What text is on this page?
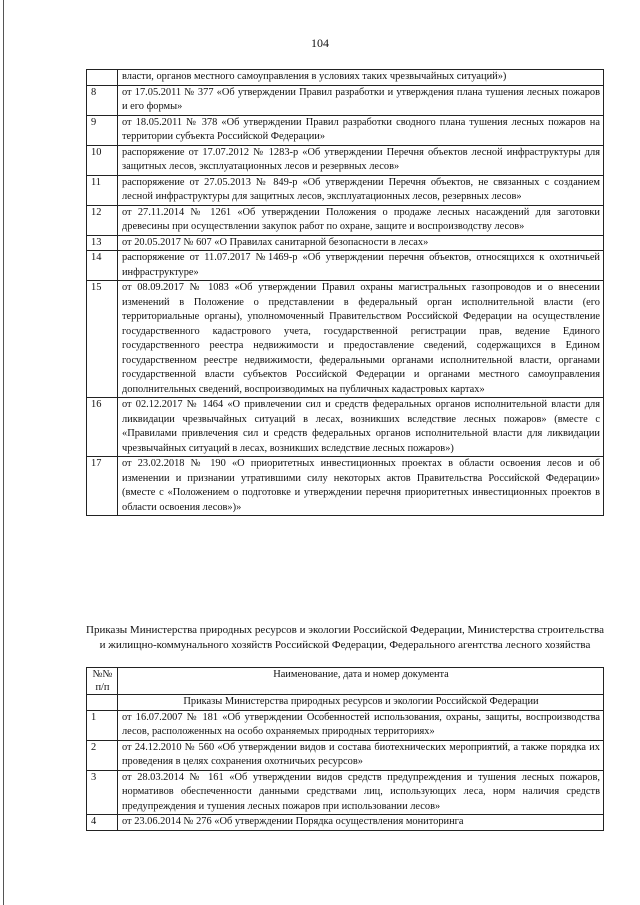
104
	власти, органов местного самоуправления в условиях таких чрезвычайных ситуаций»)
8	от 17.05.2011 № 377 «Об утверждении Правил разработки и утверждения плана тушения лесных пожаров и его формы»
9	от 18.05.2011 № 378 «Об утверждении Правил разработки сводного плана тушения лесных пожаров на территории субъекта Российской Федерации»
10	распоряжение от 17.07.2012 № 1283-р «Об утверждении Перечня объектов лесной инфраструктуры для защитных лесов, эксплуатационных лесов и резервных лесов»
11	распоряжение от 27.05.2013 № 849-р «Об утверждении Перечня объектов, не связанных с созданием лесной инфраструктуры для защитных лесов, эксплуатационных лесов, резервных лесов»
12	от 27.11.2014 № 1261 «Об утверждении Положения о продаже лесных насаждений для заготовки древесины при осуществлении закупок работ по охране, защите и воспроизводству лесов»
13	от 20.05.2017 № 607 «О Правилах санитарной безопасности в лесах»
14	распоряжение от 11.07.2017 №1469-р «Об утверждении перечня объектов, относящихся к охотничьей инфраструктуре»
15	от 08.09.2017 № 1083 «Об утверждении Правил охраны магистральных газопроводов и о внесении изменений в Положение о представлении в федеральный орган исполнительной власти (его территориальные органы), уполномоченный Правительством Российской Федерации на осуществление государственного кадастрового учета, государственной регистрации прав, ведение Единого государственного реестра недвижимости и предоставление сведений, содержащихся в Едином государственном реестре недвижимости, федеральными органами исполнительной власти, органами государственной власти субъектов Российской Федерации и органами местного самоуправления дополнительных сведений, воспроизводимых на публичных кадастровых картах»
16	от 02.12.2017 № 1464 «О привлечении сил и средств федеральных органов исполнительной власти для ликвидации чрезвычайных ситуаций в лесах, возникших вследствие лесных пожаров» (вместе с «Правилами привлечения сил и средств федеральных органов исполнительной власти для ликвидации чрезвычайных ситуаций в лесах, возникших вследствие лесных пожаров»)
17	от 23.02.2018 № 190 «О приоритетных инвестиционных проектах в области освоения лесов и об изменении и признании утратившими силу некоторых актов Правительства Российской Федерации» (вместе с «Положением о подготовке и утверждении перечня приоритетных инвестиционных проектов в области освоения лесов»)»
Приказы Министерства природных ресурсов и экологии Российской Федерации, Министерства строительства и жилищно-коммунального хозяйств Российской Федерации, Федерального агентства лесного хозяйства
№№ п/п	Наименование, дата и номер документа
	Приказы Министерства природных ресурсов и экологии Российской Федерации
1	от 16.07.2007 № 181 «Об утверждении Особенностей использования, охраны, защиты, воспроизводства лесов, расположенных на особо охраняемых природных территориях»
2	от 24.12.2010 № 560 «Об утверждении видов и состава биотехнических мероприятий, а также порядка их проведения в целях сохранения охотничьих ресурсов»
3	от 28.03.2014 № 161 «Об утверждении видов средств предупреждения и тушения лесных пожаров, нормативов обеспеченности данными средствами лиц, использующих леса, норм наличия средств предупреждения и тушения лесных пожаров при использовании лесов»
4	от 23.06.2014 № 276 «Об утверждении Порядка осуществления мониторинга
